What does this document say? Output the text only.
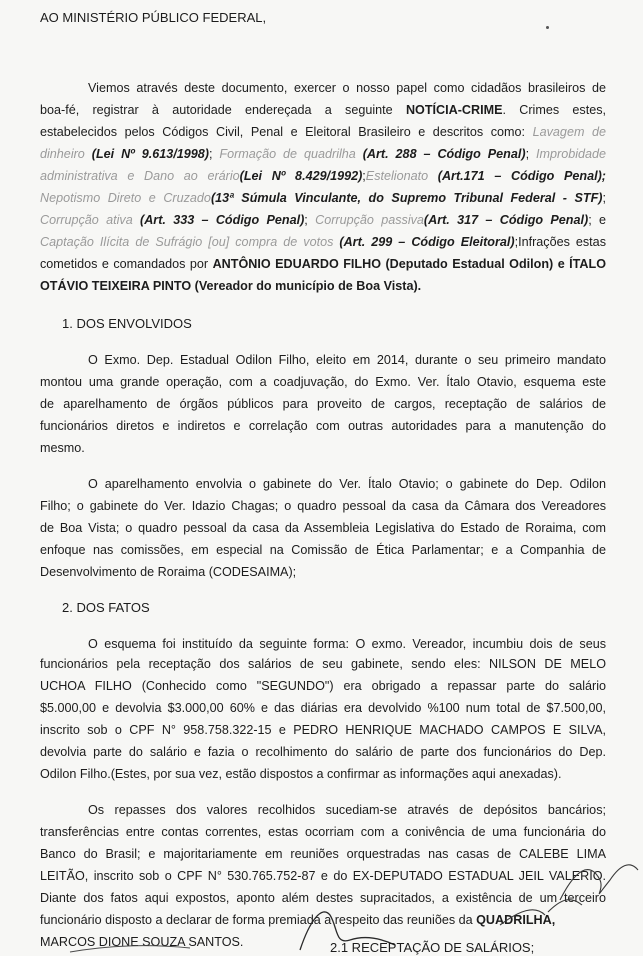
AO MINISTÉRIO PÚBLICO FEDERAL,
Viemos através deste documento, exercer o nosso papel como cidadãos brasileiros de
boa-fé, registrar à autoridade endereçada a seguinte NOTÍCIA-CRIME. Crimes estes,
estabelecidos pelos Códigos Civil, Penal e Eleitoral Brasileiro e descritos como: Lavagem de
dinheiro (Lei Nº 9.613/1998); Formação de quadrilha (Art. 288 – Código Penal); Improbidade
administrativa e Dano ao erário(Lei Nº 8.429/1992);Estelionato (Art.171 – Código Penal);
Nepotismo Direto e Cruzado(13ª Súmula Vinculante, do Supremo Tribunal Federal - STF);
Corrupção ativa (Art. 333 – Código Penal); Corrupção passiva(Art. 317 – Código Penal); e
Captação Ilícita de Sufrágio [ou] compra de votos (Art. 299 – Código Eleitoral);Infrações estas
cometidos e comandados por ANTÔNIO EDUARDO FILHO (Deputado Estadual Odilon) e ÍTALO
OTÁVIO TEIXEIRA PINTO (Vereador do município de Boa Vista).
1. DOS ENVOLVIDOS
O Exmo. Dep. Estadual Odilon Filho, eleito em 2014, durante o seu primeiro mandato
montou uma grande operação, com a coadjuvação, do Exmo. Ver. Ítalo Otavio, esquema este
de aparelhamento de órgãos públicos para proveito de cargos, receptação de salários de
funcionários diretos e indiretos e correlação com outras autoridades para a manutenção do
mesmo.
O aparelhamento envolvia o gabinete do Ver. Ítalo Otavio; o gabinete do Dep. Odilon
Filho; o gabinete do Ver. Idazio Chagas; o quadro pessoal da casa da Câmara dos Vereadores
de Boa Vista; o quadro pessoal da casa da Assembleia Legislativa do Estado de Roraima, com
enfoque nas comissões, em especial na Comissão de Ética Parlamentar; e a Companhia de
Desenvolvimento de Roraima (CODESAIMA);
2. DOS FATOS
O esquema foi instituído da seguinte forma: O exmo. Vereador, incumbiu dois de seus
funcionários pela receptação dos salários de seu gabinete, sendo eles: NILSON DE MELO
UCHOA FILHO (Conhecido como "SEGUNDO") era obrigado a repassar parte do salário
$5.000,00 e devolvia $3.000,00 60% e das diárias era devolvido %100 num total de $7.500,00,
inscrito sob o CPF N° 958.758.322-15 e PEDRO HENRIQUE MACHADO CAMPOS E SILVA,
devolvia parte do salário e fazia o recolhimento do salário de parte dos funcionários do Dep.
Odilon Filho.(Estes, por sua vez, estão dispostos a confirmar as informações aqui anexadas).
Os repasses dos valores recolhidos sucediam-se através de depósitos bancários;
transferências entre contas correntes, estas ocorriam com a conivência de uma funcionária do
Banco do Brasil; e majoritariamente em reuniões orquestradas nas casas de CALEBE LIMA
LEITÃO, inscrito sob o CPF N° 530.765.752-87 e do EX-DEPUTADO ESTADUAL JEIL VALERIO.
Diante dos fatos aqui expostos, aponto além destes supracitados, a existência de um terceiro
funcionário disposto a declarar de forma premiada a respeito das reuniões da QUADRILHA,
MARCOS DIONE SOUZA SANTOS.	2.1 RECEPTAÇÃO DE SALÁRIOS;
